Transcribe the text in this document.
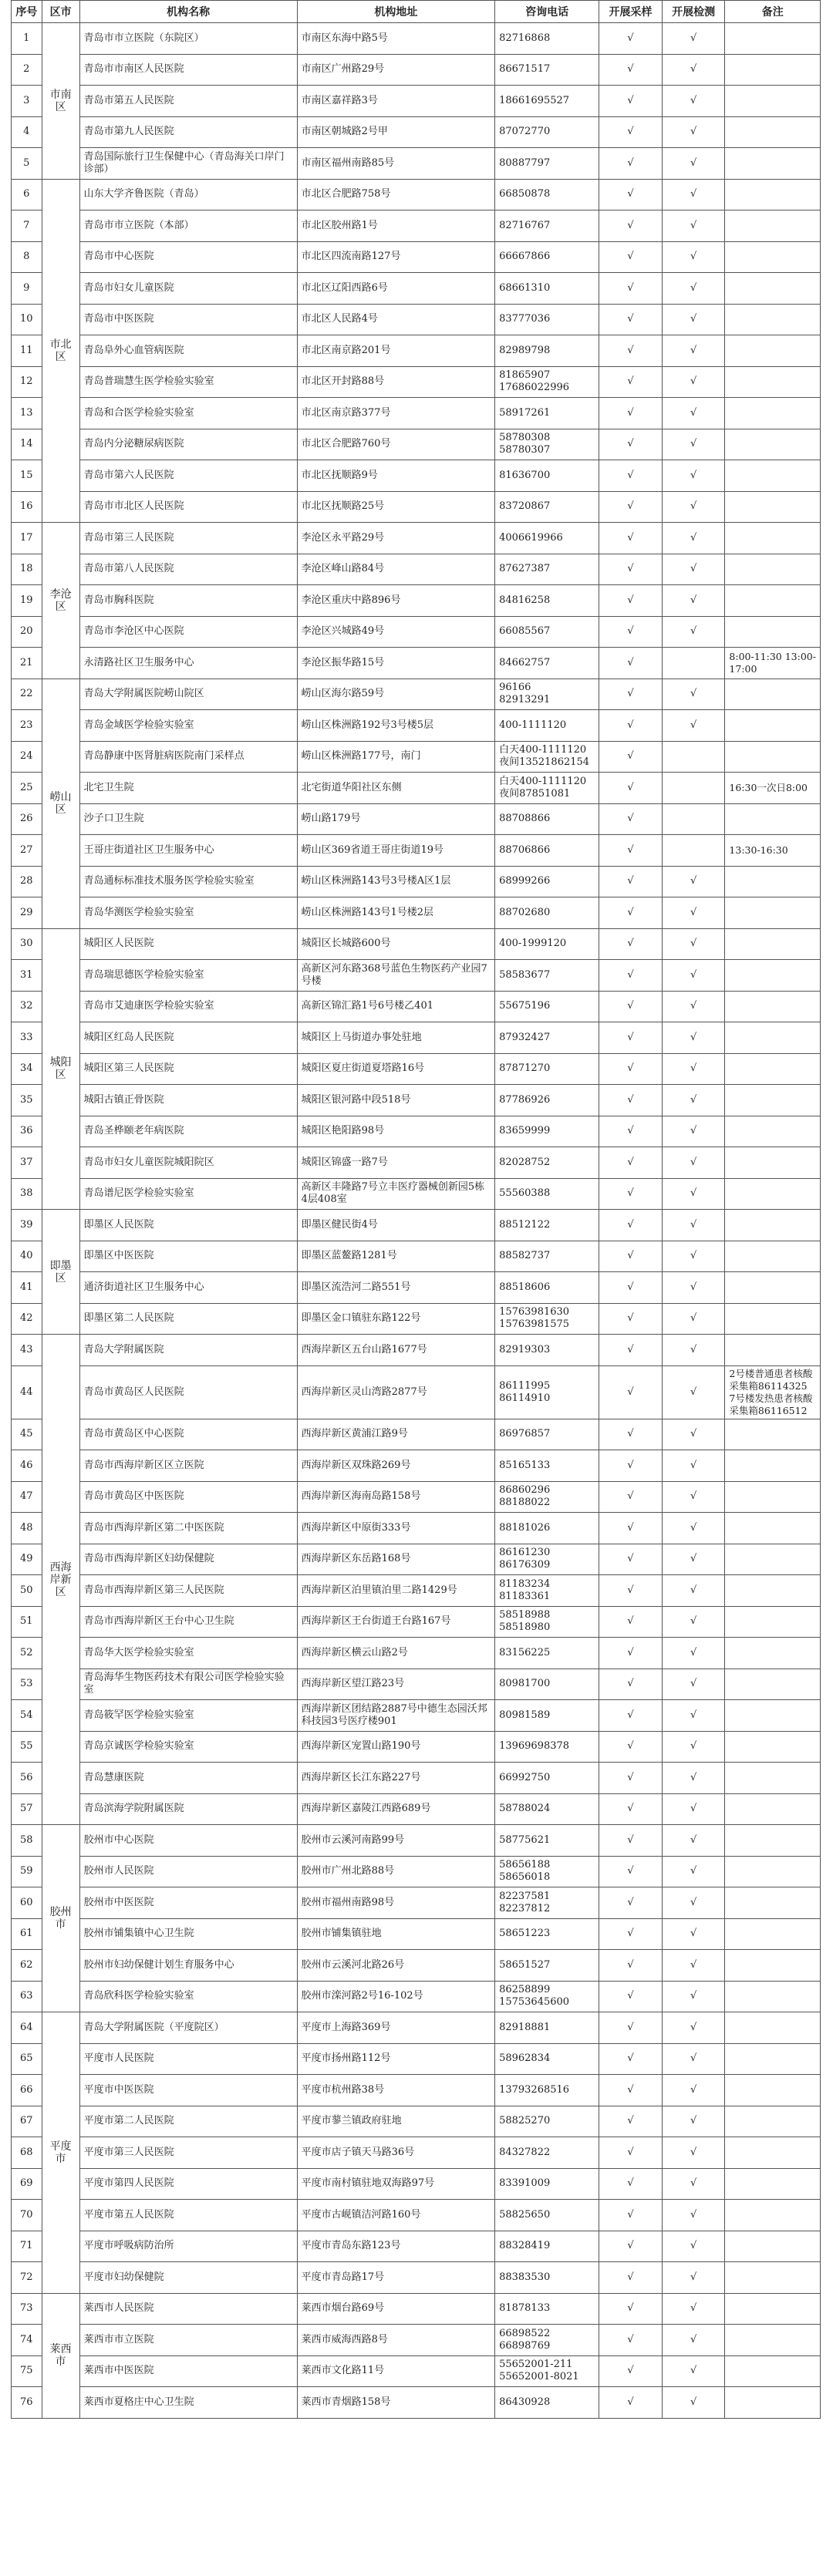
序号	区市	机构名称	机构地址	咨询电话	开展采样	开展检测	备注
1	市南区	青岛市市立医院（东院区）	市南区东海中路5号	82716868	√	√	
2		青岛市市南区人民医院	市南区广州路29号	86671517	√	√	
3		青岛市第五人民医院	市南区嘉祥路3号	18661695527	√	√	
4		青岛市第九人民医院	市南区朝城路2号甲	87072770	√	√	
5		青岛国际旅行卫生保健中心（青岛海关口岸门诊部）	市南区福州南路85号	80887797	√	√	
6	市北区	山东大学齐鲁医院（青岛）	市北区合肥路758号	66850878	√	√	
7		青岛市市立医院（本部）	市北区胶州路1号	82716767	√	√	
8		青岛市中心医院	市北区四流南路127号	66667866	√	√	
9		青岛市妇女儿童医院	市北区辽阳西路6号	68661310	√	√	
10		青岛市中医医院	市北区人民路4号	83777036	√	√	
11		青岛阜外心血管病医院	市北区南京路201号	82989798	√	√	
12		青岛普瑞慧生医学检验实验室	市北区开封路88号	81865907
17686022996	√	√	
13		青岛和合医学检验实验室	市北区南京路377号	58917261	√	√	
14		青岛内分泌糖尿病医院	市北区合肥路760号	58780308
58780307	√	√	
15		青岛市第六人民医院	市北区抚顺路9号	81636700	√	√	
16		青岛市市北区人民医院	市北区抚顺路25号	83720867	√	√	
17	李沧区	青岛市第三人民医院	李沧区永平路29号	4006619966	√	√	
18		青岛市第八人民医院	李沧区峰山路84号	87627387	√	√	
19		青岛市胸科医院	李沧区重庆中路896号	84816258	√	√	
20		青岛市李沧区中心医院	李沧区兴城路49号	66085567	√	√	
21		永清路社区卫生服务中心	李沧区振华路15号	84662757	√		8:00-11:30 13:00-17:00
22	崂山区	青岛大学附属医院崂山院区	崂山区海尔路59号	96166
82913291	√	√	
23		青岛金域医学检验实验室	崂山区株洲路192号3号楼5层	400-1111120	√	√	
24		青岛静康中医肾脏病医院南门采样点	崂山区株洲路177号，南门	白天400-1111120
夜间13521862154	√		
25		北宅卫生院	北宅街道华阳社区东侧	白天400-1111120
夜间87851081	√		16:30一次日8:00
26		沙子口卫生院	崂山路179号	88708866	√		
27		王哥庄街道社区卫生服务中心	崂山区369省道王哥庄街道19号	88706866	√		13:30-16:30
28		青岛通标标准技术服务医学检验实验室	崂山区株洲路143号3号楼A区1层	68999266	√	√	
29		青岛华测医学检验实验室	崂山区株洲路143号1号楼2层	88702680	√	√	
30	城阳区	城阳区人民医院	城阳区长城路600号	400-1999120	√	√	
31		青岛瑞思德医学检验实验室	高新区河东路368号蓝色生物医药产业园7号楼	58583677	√	√	
32		青岛市艾迪康医学检验实验室	高新区锦汇路1号6号楼乙401	55675196	√	√	
33		城阳区红岛人民医院	城阳区上马街道办事处驻地	87932427	√	√	
34		城阳区第三人民医院	城阳区夏庄街道夏塔路16号	87871270	√	√	
35		城阳古镇正骨医院	城阳区银河路中段518号	87786926	√	√	
36		青岛圣桦颐老年病医院	城阳区艳阳路98号	83659999	√	√	
37		青岛市妇女儿童医院城阳院区	城阳区锦盛一路7号	82028752	√	√	
38		青岛谱尼医学检验实验室	高新区丰隆路7号立丰医疗器械创新园5栋4层408室	55560388	√	√	
39	即墨区	即墨区人民医院	即墨区健民街4号	88512122	√	√	
40		即墨区中医医院	即墨区蓝鳌路1281号	88582737	√	√	
41		通济街道社区卫生服务中心	即墨区流浩河二路551号	88518606	√	√	
42		即墨区第二人民医院	即墨区金口镇驻东路122号	15763981630
15763981575	√	√	
43	西海岸新区	青岛大学附属医院	西海岸新区五台山路1677号	82919303	√	√	
44		青岛市黄岛区人民医院	西海岸新区灵山湾路2877号	86111995
86114910	√	√	2号楼普通患者核酸采集箱86114325
7号楼发热患者核酸采集箱86116512
45		青岛市黄岛区中心医院	西海岸新区黄浦江路9号	86976857	√	√	
46		青岛市西海岸新区区立医院	西海岸新区双珠路269号	85165133	√	√	
47		青岛市黄岛区中医医院	西海岸新区海南岛路158号	86860296
88188022	√	√	
48		青岛市西海岸新区第二中医医院	西海岸新区中原街333号	88181026	√	√	
49		青岛市西海岸新区妇幼保健院	西海岸新区东岳路168号	86161230
86176309	√	√	
50		青岛市西海岸新区第三人民医院	西海岸新区泊里镇泊里二路1429号	81183234
81183361	√	√	
51		青岛市西海岸新区王台中心卫生院	西海岸新区王台街道王台路167号	58518988
58518980	√	√	
52		青岛华大医学检验实验室	西海岸新区横云山路2号	83156225	√	√	
53		青岛海华生物医药技术有限公司医学检验实验室	西海岸新区望江路23号	80981700	√	√	
54		青岛筱罕医学检验实验室	西海岸新区团结路2887号中德生态园沃邦科技园3号医疗楼901	80981589	√	√	
55		青岛京诚医学检验实验室	西海岸新区宠置山路190号	13969698378	√	√	
56		青岛慧康医院	西海岸新区长江东路227号	66992750	√	√	
57		青岛滨海学院附属医院	西海岸新区嘉陵江西路689号	58788024	√	√	
58	胶州市	胶州市中心医院	胶州市云溪河南路99号	58775621	√	√	
59		胶州市人民医院	胶州市广州北路88号	58656188
58656018	√	√	
60		胶州市中医医院	胶州市福州南路98号	82237581
82237812	√	√	
61		胶州市铺集镇中心卫生院	胶州市铺集镇驻地	58651223	√	√	
62		胶州市妇幼保健计划生育服务中心	胶州市云溪河北路26号	58651527	√	√	
63		青岛欣科医学检验实验室	胶州市滦河路2号16-102号	86258899
15753645600	√	√	
64	平度市	青岛大学附属医院（平度院区）	平度市上海路369号	82918881	√	√	
65		平度市人民医院	平度市扬州路112号	58962834	√	√	
66		平度市中医医院	平度市杭州路38号	13793268516	√	√	
67		平度市第二人民医院	平度市蓼兰镇政府驻地	58825270	√	√	
68		平度市第三人民医院	平度市店子镇天马路36号	84327822	√	√	
69		平度市第四人民医院	平度市南村镇驻地双海路97号	83391009	√	√	
70		平度市第五人民医院	平度市古岘镇洁河路160号	58825650	√	√	
71		平度市呼吸病防治所	平度市青岛东路123号	88328419	√	√	
72		平度市妇幼保健院	平度市青岛路17号	88383530	√	√	
73	莱西市	莱西市人民医院	莱西市烟台路69号	81878133	√	√	
74		莱西市市立医院	莱西市威海西路8号	66898522
66898769	√	√	
75		莱西市中医医院	莱西市文化路11号	55652001-211
55652001-8021	√	√	
76		莱西市夏格庄中心卫生院	莱西市青烟路158号	86430928	√	√	
